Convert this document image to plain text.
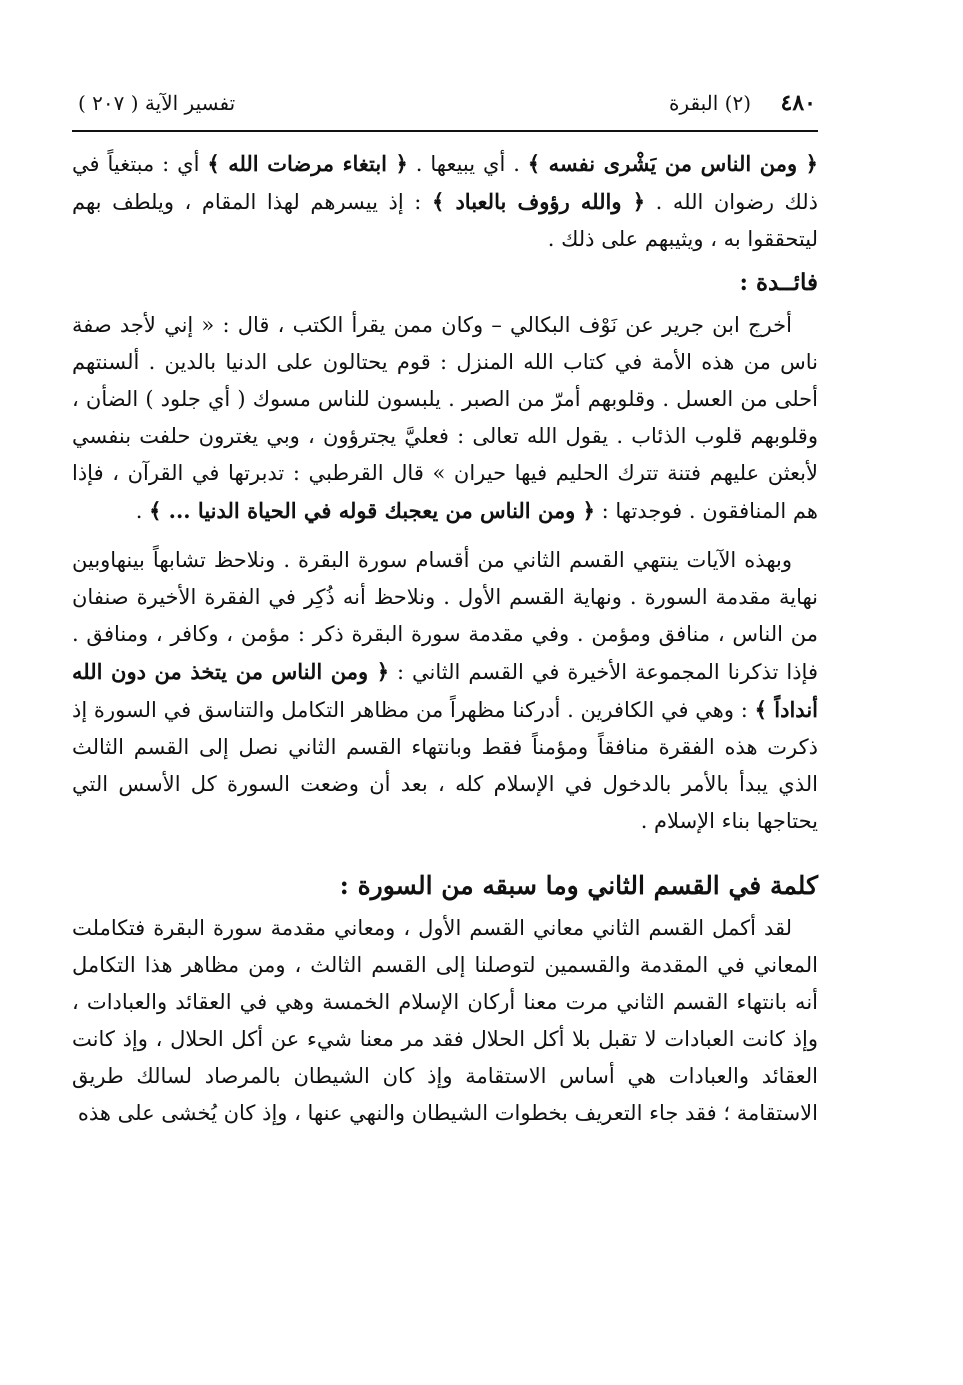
٤٨٠
(٢) البقرة
تفسير الآية ( ٢٠٧ )

﴿ ومن الناس من يَشْرى نفسه ﴾ . أي يبيعها . ﴿ ابتغاء مرضات الله ﴾ أي : مبتغياً في ذلك رضوان الله . ﴿ والله رؤوف بالعباد ﴾ : إذ ييسرهم لهذا المقام ، ويلطف بهم ليتحققوا به ، ويثيبهم على ذلك .

فائــدة :

أخرج ابن جرير عن نَوْف البكالي – وكان ممن يقرأ الكتب ، قال : « إني لأجد صفة ناس من هذه الأمة في كتاب الله المنزل : قوم يحتالون على الدنيا بالدين . ألسنتهم أحلى من العسل . وقلوبهم أمرّ من الصبر . يلبسون للناس مسوك ( أي جلود ) الضأن ، وقلوبهم قلوب الذئاب . يقول الله تعالى : فعليَّ يجترؤون ، وبي يغترون حلفت بنفسي لأبعثن عليهم فتنة تترك الحليم فيها حيران » قال القرطبي : تدبرتها في القرآن ، فإذا هم المنافقون . فوجدتها : ﴿ ومن الناس من يعجبك قوله في الحياة الدنيا ... ﴾ .

وبهذه الآيات ينتهي القسم الثاني من أقسام سورة البقرة . ونلاحظ تشابهاً بينهاوبين نهاية مقدمة السورة . ونهاية القسم الأول . ونلاحظ أنه ذُكِر في الفقرة الأخيرة صنفان من الناس ، منافق ومؤمن . وفي مقدمة سورة البقرة ذكر : مؤمن ، وكافر ، ومنافق . فإذا تذكرنا المجموعة الأخيرة في القسم الثاني : ﴿ ومن الناس من يتخذ من دون الله أنداداً ﴾ : وهي في الكافرين . أدركنا مظهراً من مظاهر التكامل والتناسق في السورة إذ ذكرت هذه الفقرة منافقاً ومؤمناً فقط وبانتهاء القسم الثاني نصل إلى القسم الثالث الذي يبدأ بالأمر بالدخول في الإسلام كله ، بعد أن وضعت السورة كل الأسس التي يحتاجها بناء الإسلام .

كلمة في القسم الثاني وما سبقه من السورة :

لقد أكمل القسم الثاني معاني القسم الأول ، ومعاني مقدمة سورة البقرة فتكاملت المعاني في المقدمة والقسمين لتوصلنا إلى القسم الثالث ، ومن مظاهر هذا التكامل أنه بانتهاء القسم الثاني مرت معنا أركان الإسلام الخمسة وهي في العقائد والعبادات ، وإذ كانت العبادات لا تقبل بلا أكل الحلال فقد مر معنا شيء عن أكل الحلال ، وإذ كانت العقائد والعبادات هي أساس الاستقامة وإذ كان الشيطان بالمرصاد لسالك طريق الاستقامة ؛ فقد جاء التعريف بخطوات الشيطان والنهي عنها ، وإذ كان يُخشى على هذه
